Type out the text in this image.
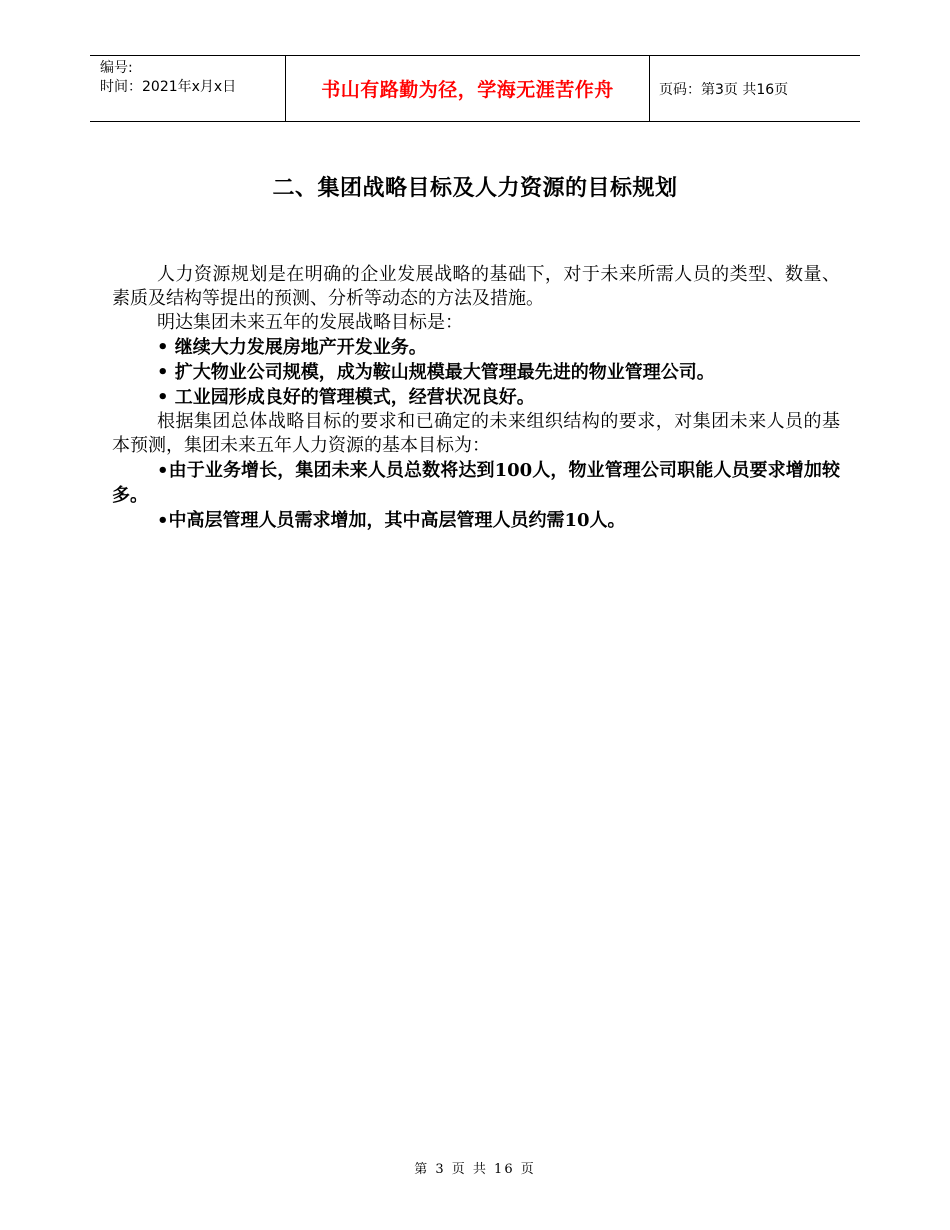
编号:
时间：2021年x月x日	书山有路勤为径，学海无涯苦作舟	页码：第3页 共16页
二、集团战略目标及人力资源的目标规划

人力资源规划是在明确的企业发展战略的基础下，对于未来所需人员的类型、数量、素质及结构等提出的预测、分析等动态的方法及措施。

明达集团未来五年的发展战略目标是：

• 继续大力发展房地产开发业务。

• 扩大物业公司规模，成为鞍山规模最大管理最先进的物业管理公司。

• 工业园形成良好的管理模式，经营状况良好。

根据集团总体战略目标的要求和已确定的未来组织结构的要求，对集团未来人员的基本预测，集团未来五年人力资源的基本目标为：

•由于业务增长，集团未来人员总数将达到100人，物业管理公司职能人员要求增加较多。

•中高层管理人员需求增加，其中高层管理人员约需10人。

第 3 页 共 16 页
